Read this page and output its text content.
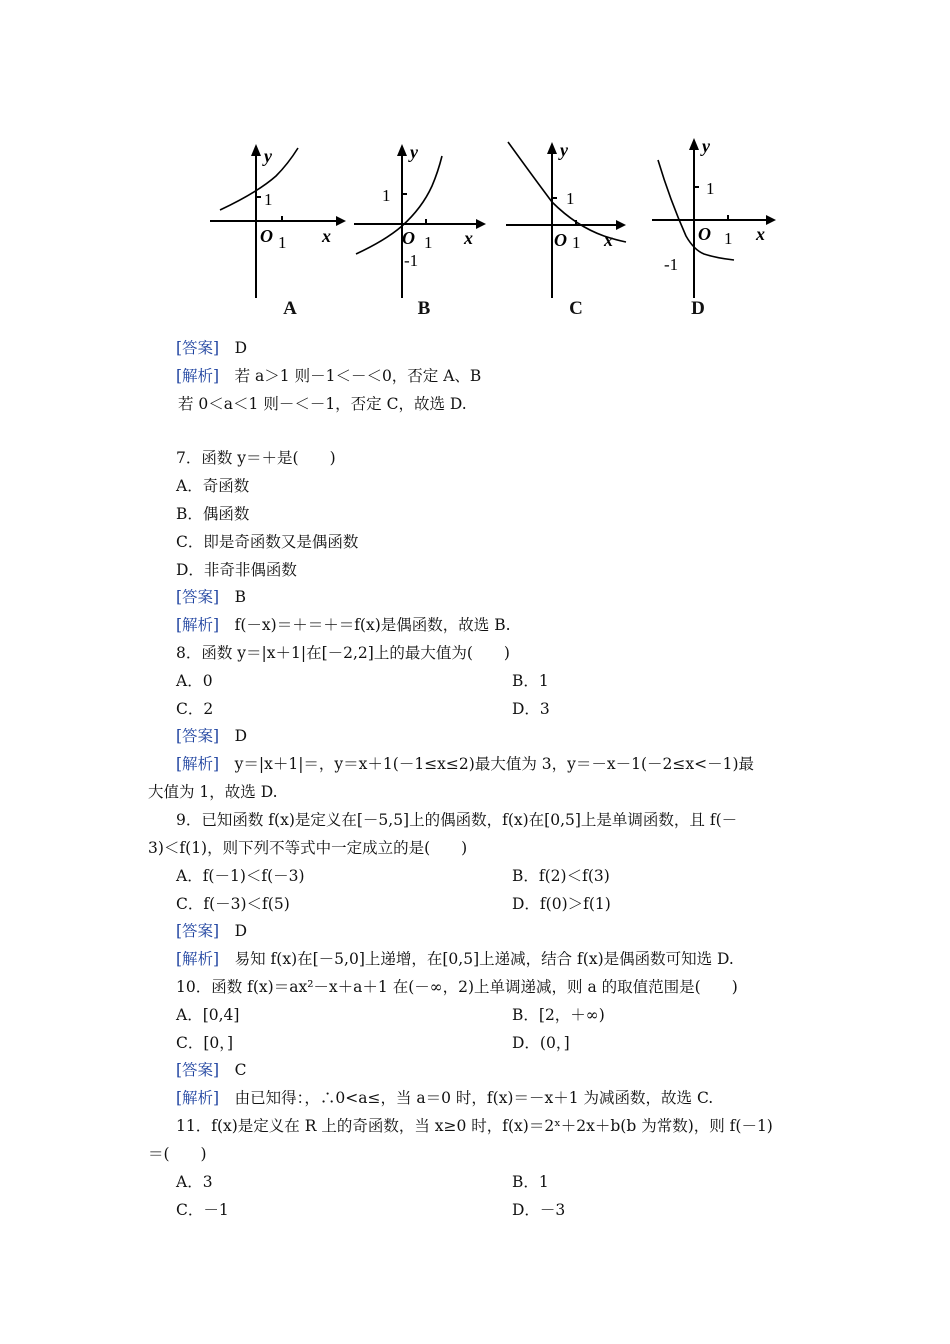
y
x
O 1
1
A
y
x
O 1
1
-1
B
y
x
O 1
1
C
y
x
O 1
1
-1
D
[答案]　 D
[解析]　 若 a＞1 则－1＜－＜0，否定 A、B
若 0＜a＜1 则－＜－1，否定 C，故选 D.
7．函数 y＝＋是(　　)
A．奇函数
B．偶函数
C．即是奇函数又是偶函数
D．非奇非偶函数
[答案]　 B
[解析]　 f(－x)＝＋＝＋＝f(x)是偶函数，故选 B.
8．函数 y＝|x＋1|在[－2,2]上的最大值为(　　)
A．0	B．1
C．2	D．3
[答案]　 D
[解析]　 y＝|x＋1|＝，y＝x＋1(－1≤x≤2)最大值为 3，y＝－x－1(－2≤x<－1)最
大值为 1，故选 D.
9．已知函数 f(x)是定义在[－5,5]上的偶函数，f(x)在[0,5]上是单调函数，且 f(－
3)＜f(1)，则下列不等式中一定成立的是(　　)
A．f(－1)＜f(－3)	B．f(2)＜f(3)
C．f(－3)＜f(5)	D．f(0)＞f(1)
[答案]　 D
[解析]　 易知 f(x)在[－5,0]上递增，在[0,5]上递减，结合 f(x)是偶函数可知选 D.
10．函数 f(x)＝ax²－x＋a＋1 在(－∞，2)上单调递减，则 a 的取值范围是(　　)
A．[0,4]	B．[2，＋∞)
C．[0，]	D．(0，]
[答案]　 C
[解析]　 由已知得：，∴0<a≤，当 a＝0 时，f(x)＝－x＋1 为减函数，故选 C.
11．f(x)是定义在 R 上的奇函数，当 x≥0 时，f(x)＝2ˣ＋2x＋b(b 为常数)，则 f(－1)
＝(　　)
A．3	B．1
C．－1	D．－3
